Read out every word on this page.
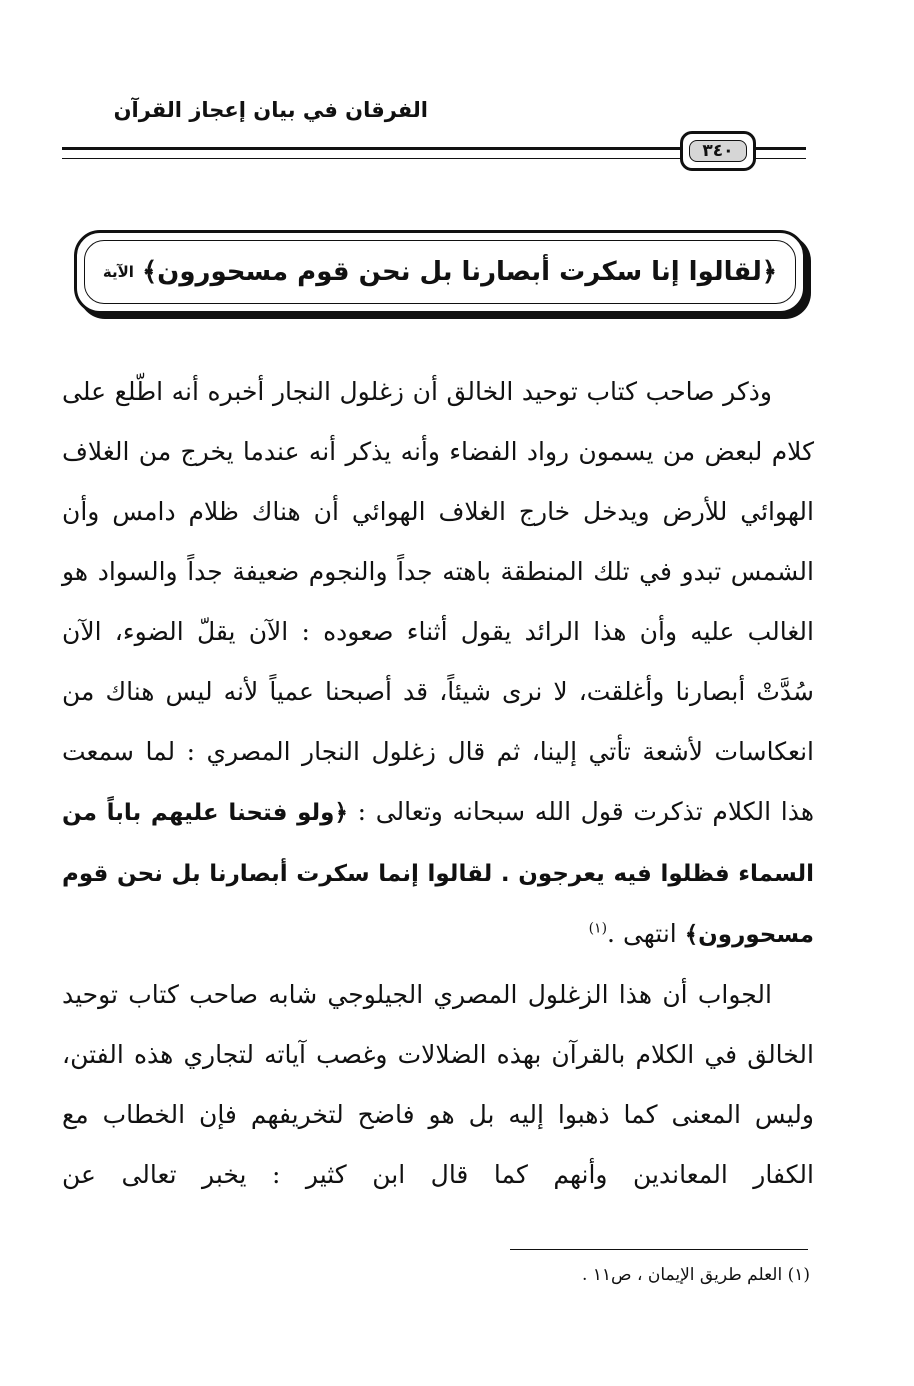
الفرقان في بيان إعجاز القرآن
٣٤٠
﴿لقالوا إنا سكرت أبصارنا بل نحن قوم مسحورون﴾
الآية

وذكر صاحب كتاب توحيد الخالق أن زغلول النجار أخبره أنه اطّلع على كلام لبعض من يسمون رواد الفضاء وأنه يذكر أنه عندما يخرج من الغلاف الهوائي للأرض ويدخل خارج الغلاف الهوائي أن هناك ظلام دامس وأن الشمس تبدو في تلك المنطقة باهته جداً والنجوم ضعيفة جداً والسواد هو الغالب عليه وأن هذا الرائد يقول أثناء صعوده : الآن يقلّ الضوء، الآن سُدَّتْ أبصارنا وأغلقت، لا نرى شيئاً، قد أصبحنا عمياً لأنه ليس هناك من انعكاسات لأشعة تأتي إلينا، ثم قال زغلول النجار المصري : لما سمعت هذا الكلام تذكرت قول الله سبحانه وتعالى : ﴿ولو فتحنا عليهم باباً من السماء فظلوا فيه يعرجون . لقالوا إنما سكرت أبصارنا بل نحن قوم مسحورون﴾ انتهى .$^{(١)}$

الجواب أن هذا الزغلول المصري الجيلوجي شابه صاحب كتاب توحيد الخالق في الكلام بالقرآن بهذه الضلالات وغصب آياته لتجاري هذه الفتن، وليس المعنى كما ذهبوا إليه بل هو فاضح لتخريفهم فإن الخطاب مع الكفار المعاندين وأنهم كما قال ابن كثير : يخبر تعالى عن

(١) العلم طريق الإيمان ، ص١١ .
